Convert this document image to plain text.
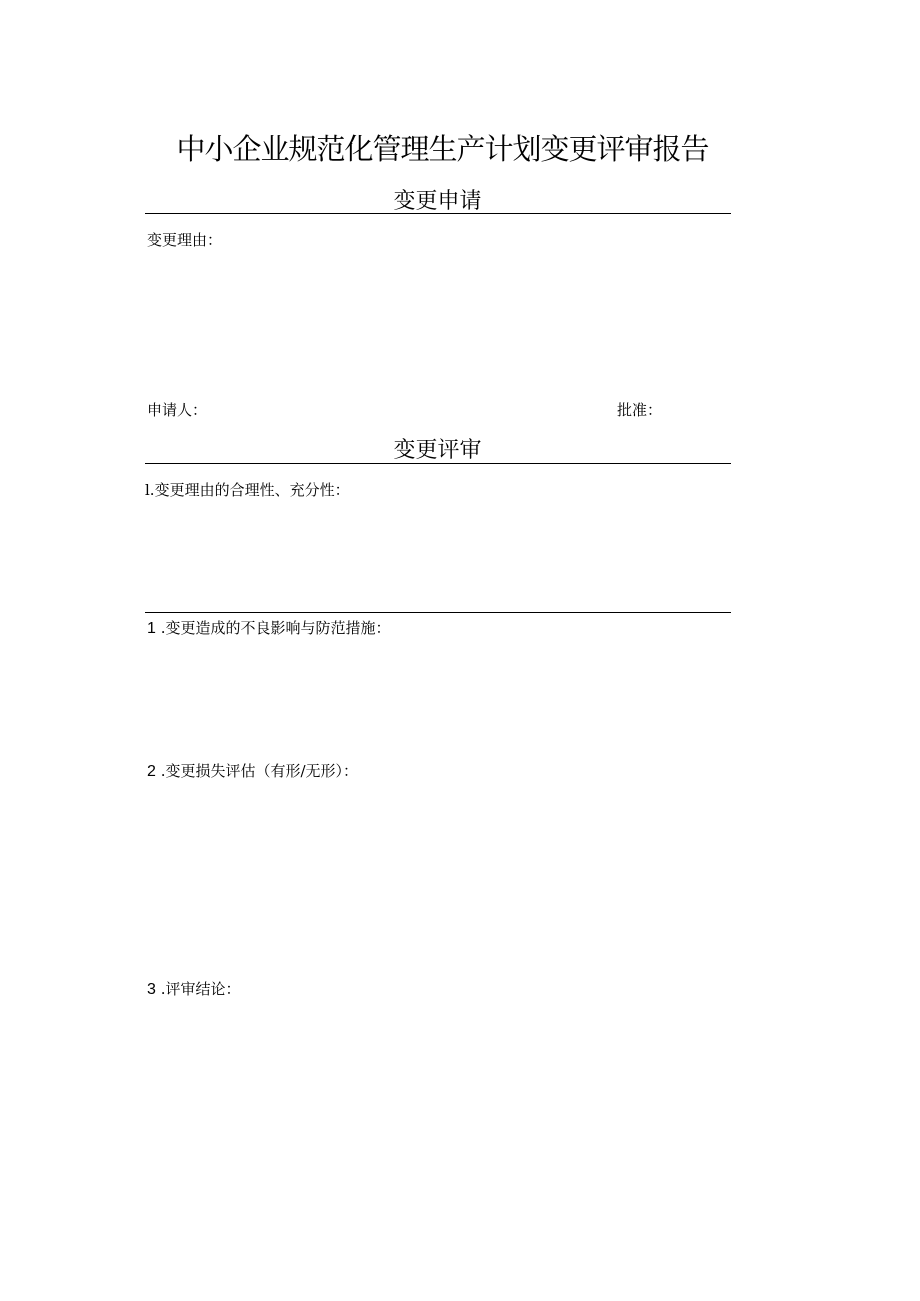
中小企业规范化管理生产计划变更评审报告
变更申请
变更理由：
申请人：	批准：
变更评审
l.变更理由的合理性、充分性：
1 .变更造成的不良影响与防范措施：
2 .变更损失评估（有形/无形）：
3 .评审结论：
